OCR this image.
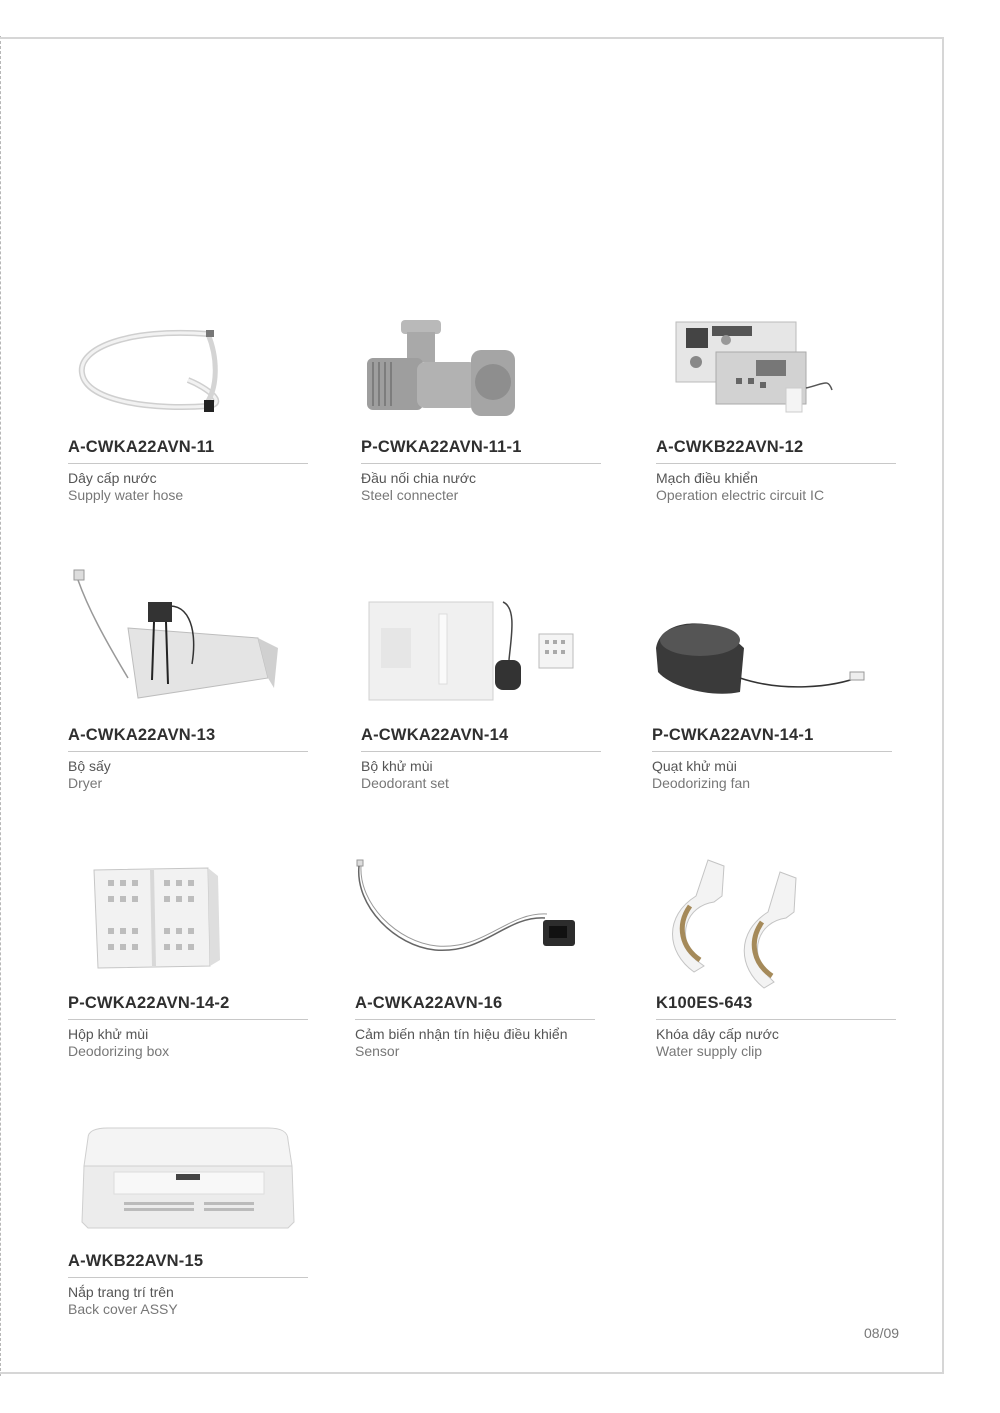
A-CWKA22AVN-11
Dây cấp nước
Supply water hose
P-CWKA22AVN-11-1
Đầu nối chia nước
Steel connecter
A-CWKB22AVN-12
Mạch điều khiển
Operation electric circuit IC
A-CWKA22AVN-13
Bộ sấy
Dryer
A-CWKA22AVN-14
Bộ khử mùi
Deodorant set
P-CWKA22AVN-14-1
Quạt khử mùi
Deodorizing fan
P-CWKA22AVN-14-2
Hộp khử mùi
Deodorizing box
A-CWKA22AVN-16
Cảm biến nhận tín hiệu điều khiển
Sensor
K100ES-643
Khóa dây cấp nước
Water supply clip
A-WKB22AVN-15
Nắp trang trí trên
Back cover ASSY
08/09
